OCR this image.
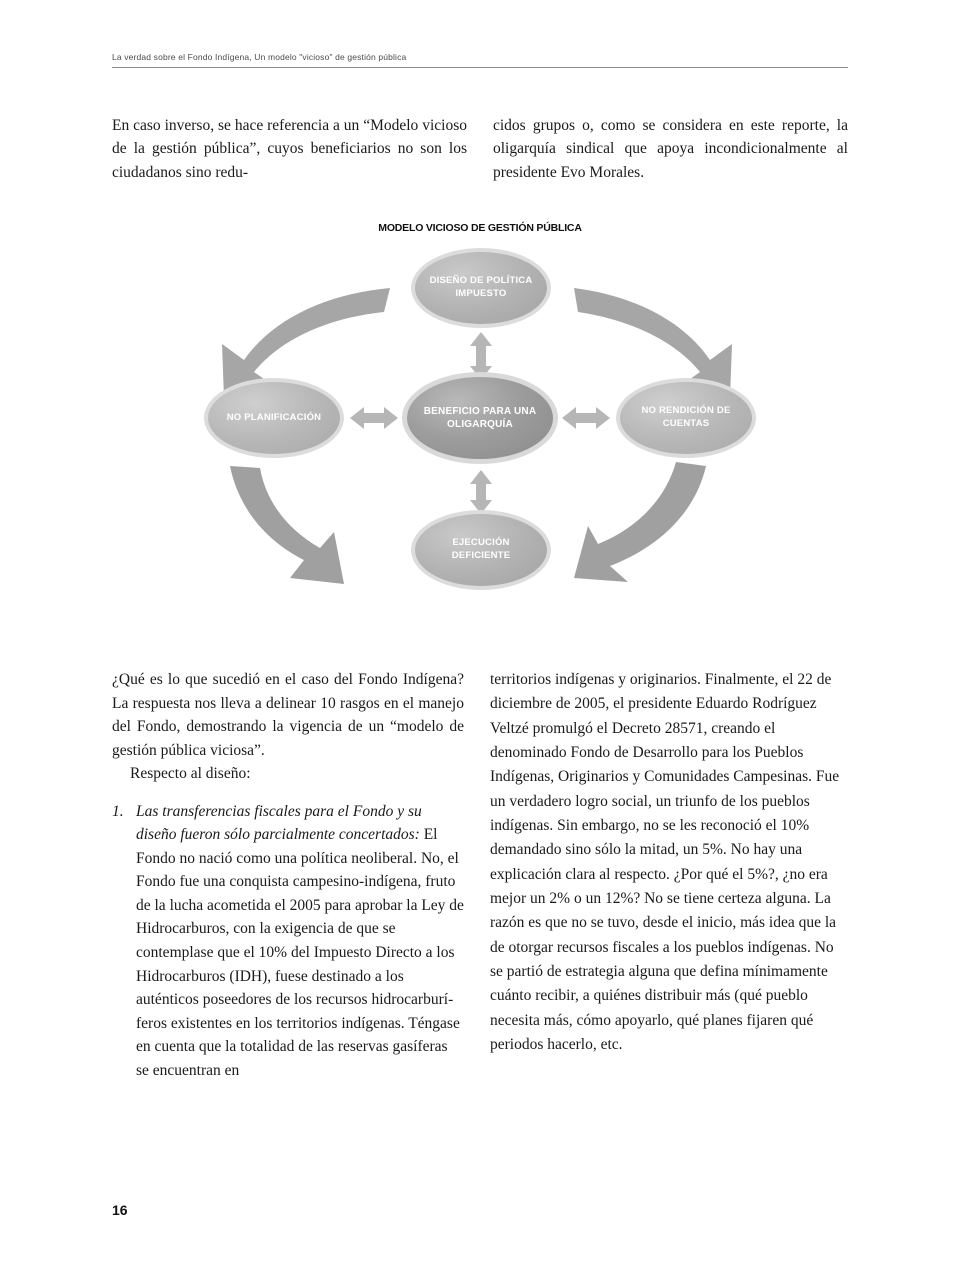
La verdad sobre el Fondo Indígena, Un modelo "vicioso" de gestión pública
En caso inverso, se hace referencia a un “Modelo vicioso de la gestión pública”, cuyos beneficiarios no son los ciudadanos sino redu-
cidos grupos o, como se considera en este reporte, la oligarquía sindical que apoya incondicionalmente al presidente Evo Morales.
MODELO VICIOSO DE GESTIÓN PÚBLICA
DISEÑO DE POLÍTICA IMPUESTO
NO PLANIFICACIÓN
BENEFICIO PARA UNA OLIGARQUÍA
NO RENDICIÓN DE CUENTAS
EJECUCIÓN DEFICIENTE

¿Qué es lo que sucedió en el caso del Fondo Indígena? La respuesta nos lleva a delinear 10 rasgos en el manejo del Fondo, demostrando la vigencia de un “modelo de gestión pública viciosa”.

Respecto al diseño:

1. Las transferencias fiscales para el Fondo y su diseño fueron sólo parcialmente concertados: El Fondo no nació como una política neoliberal. No, el Fondo fue una conquista campesino-indígena, fruto de la lucha acometida el 2005 para aprobar la Ley de Hidrocarburos, con la exigencia de que se contemplase que el 10% del Impuesto Directo a los Hidrocarburos (IDH), fuese destinado a los auténticos poseedores de los recursos hidrocarburíferos existentes en los territorios indígenas. Téngase en cuenta que la totalidad de las reservas gasíferas se encuentran en

territorios indígenas y originarios. Finalmente, el 22 de diciembre de 2005, el presidente Eduardo Rodríguez Veltzé promulgó el Decreto 28571, creando el denominado Fondo de Desarrollo para los Pueblos Indígenas, Originarios y Comunidades Campesinas. Fue un verdadero logro social, un triunfo de los pueblos indígenas. Sin embargo, no se les reconoció el 10% demandado sino sólo la mitad, un 5%. No hay una explicación clara al respecto. ¿Por qué el 5%?, ¿no era mejor un 2% o un 12%? No se tiene certeza alguna. La razón es que no se tuvo, desde el inicio, más idea que la de otorgar recursos fiscales a los pueblos indígenas. No se partió de estrategia alguna que defina mínimamente cuánto recibir, a quiénes distribuir más (qué pueblo necesita más, cómo apoyarlo, qué planes fijaren qué periodos hacerlo, etc.

16
